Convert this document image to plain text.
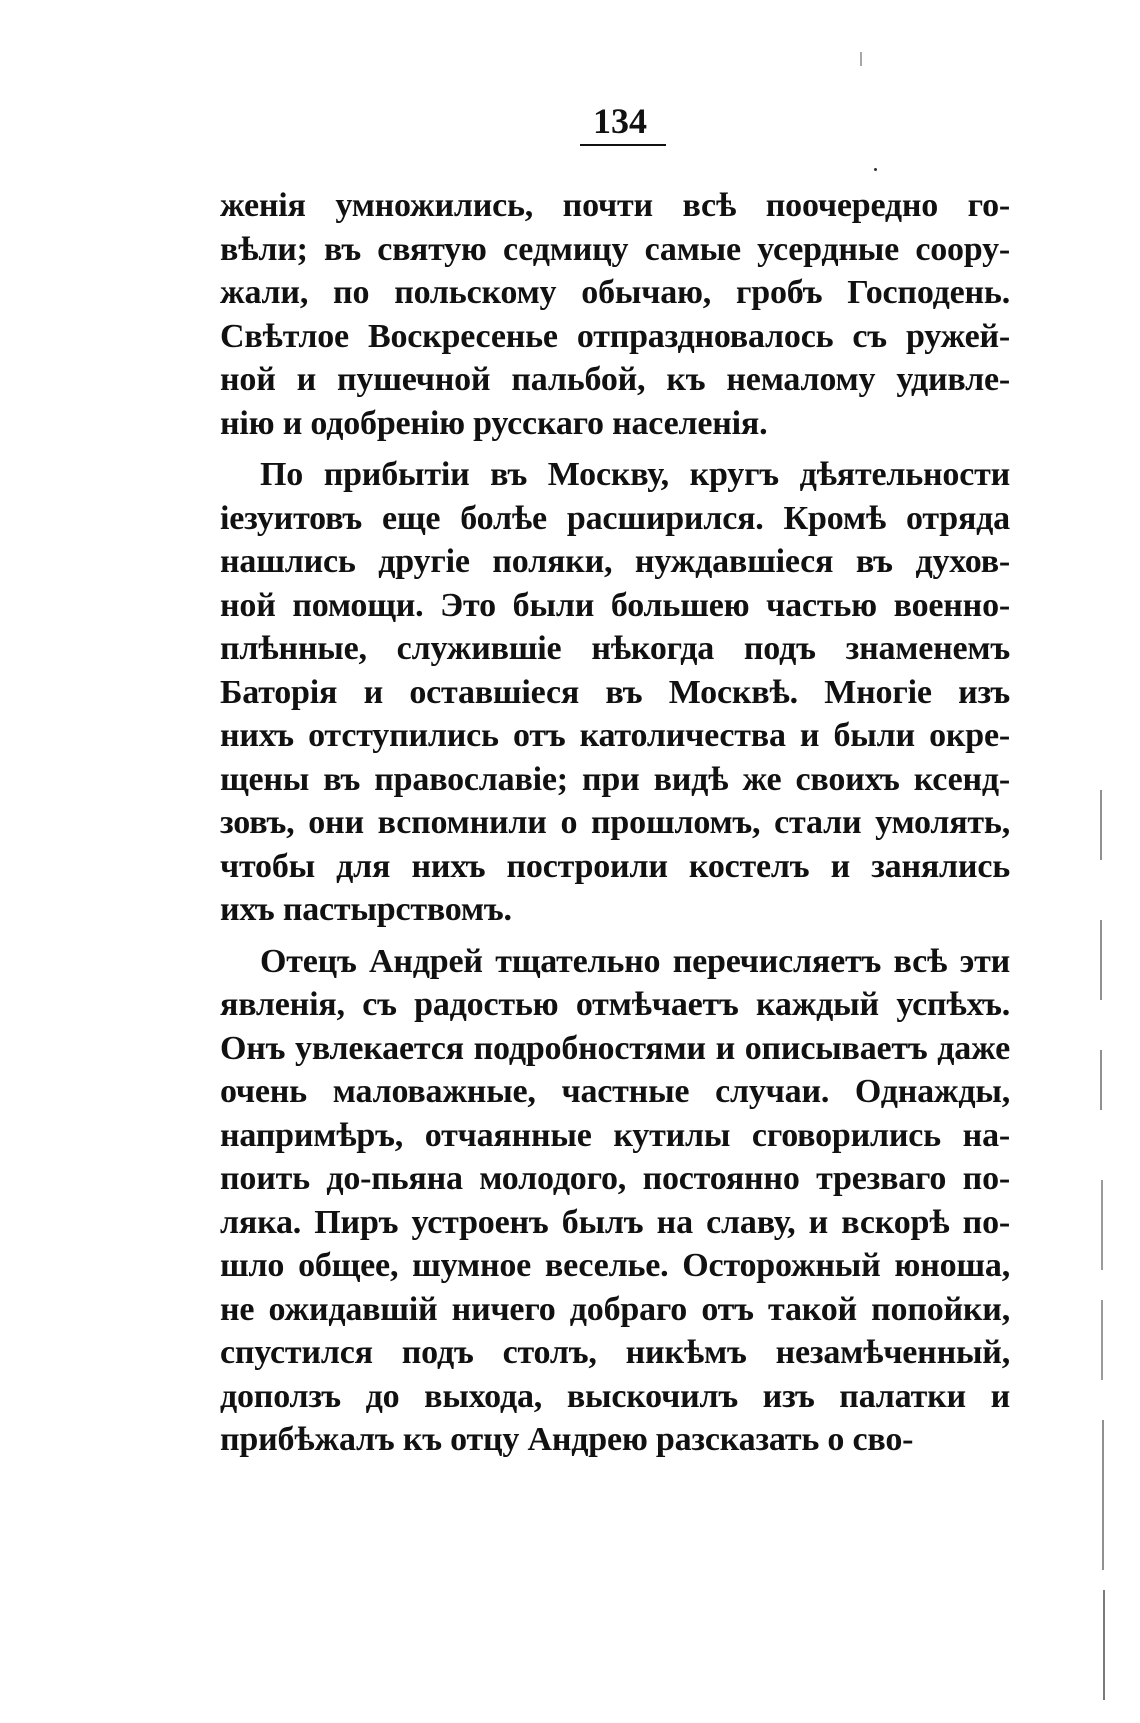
134
женія умножились, почти всѣ поочередно го-
вѣли; въ святую седмицу самые усердные соору-
жали, по польскому обычаю, гробъ Господень.
Свѣтлое Воскресенье отпраздновалось съ ружей-
ной и пушечной пальбой, къ немалому удивле-
нію и одобренію русскаго населенія.
По прибытіи въ Москву, кругъ дѣятельности
іезуитовъ еще болѣе расширился. Кромѣ отряда
нашлись другіе поляки, нуждавшіеся въ духов-
ной помощи. Это были большею частью военно-
плѣнные, служившіе нѣкогда подъ знаменемъ
Баторія и оставшіеся въ Москвѣ. Многіе изъ
нихъ отступились отъ католичества и были окре-
щены въ православіе; при видѣ же своихъ ксенд-
зовъ, они вспомнили о прошломъ, стали умолять,
чтобы для нихъ построили костелъ и занялись
ихъ пастырствомъ.
Отецъ Андрей тщательно перечисляетъ всѣ эти
явленія, съ радостью отмѣчаетъ каждый успѣхъ.
Онъ увлекается подробностями и описываетъ даже
очень маловажные, частные случаи. Однажды,
напримѣръ, отчаянные кутилы сговорились на-
поить до-пьяна молодого, постоянно трезваго по-
ляка. Пиръ устроенъ былъ на славу, и вскорѣ по-
шло общее, шумное веселье. Осторожный юноша,
не ожидавшій ничего добраго отъ такой попойки,
спустился подъ столъ, никѣмъ незамѣченный,
доползъ до выхода, выскочилъ изъ палатки и
прибѣжалъ къ отцу Андрею разсказать о сво-
